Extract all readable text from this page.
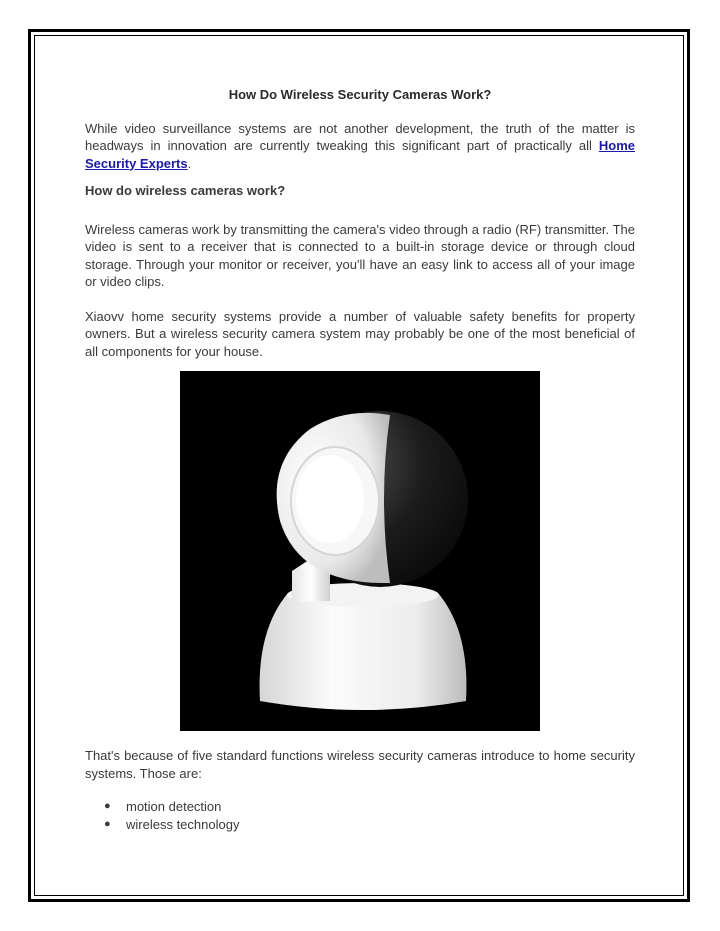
How Do Wireless Security Cameras Work?

While video surveillance systems are not another development, the truth of the matter is headways in innovation are currently tweaking this significant part of practically all Home Security Experts.

How do wireless cameras work?

Wireless cameras work by transmitting the camera's video through a radio (RF) transmitter. The video is sent to a receiver that is connected to a built-in storage device or through cloud storage. Through your monitor or receiver, you'll have an easy link to access all of your image or video clips.

Xiaovv home security systems provide a number of valuable safety benefits for property owners. But a wireless security camera system may probably be one of the most beneficial of all components for your house.

That's because of five standard functions wireless security cameras introduce to home security systems. Those are:

● motion detection
● wireless technology
